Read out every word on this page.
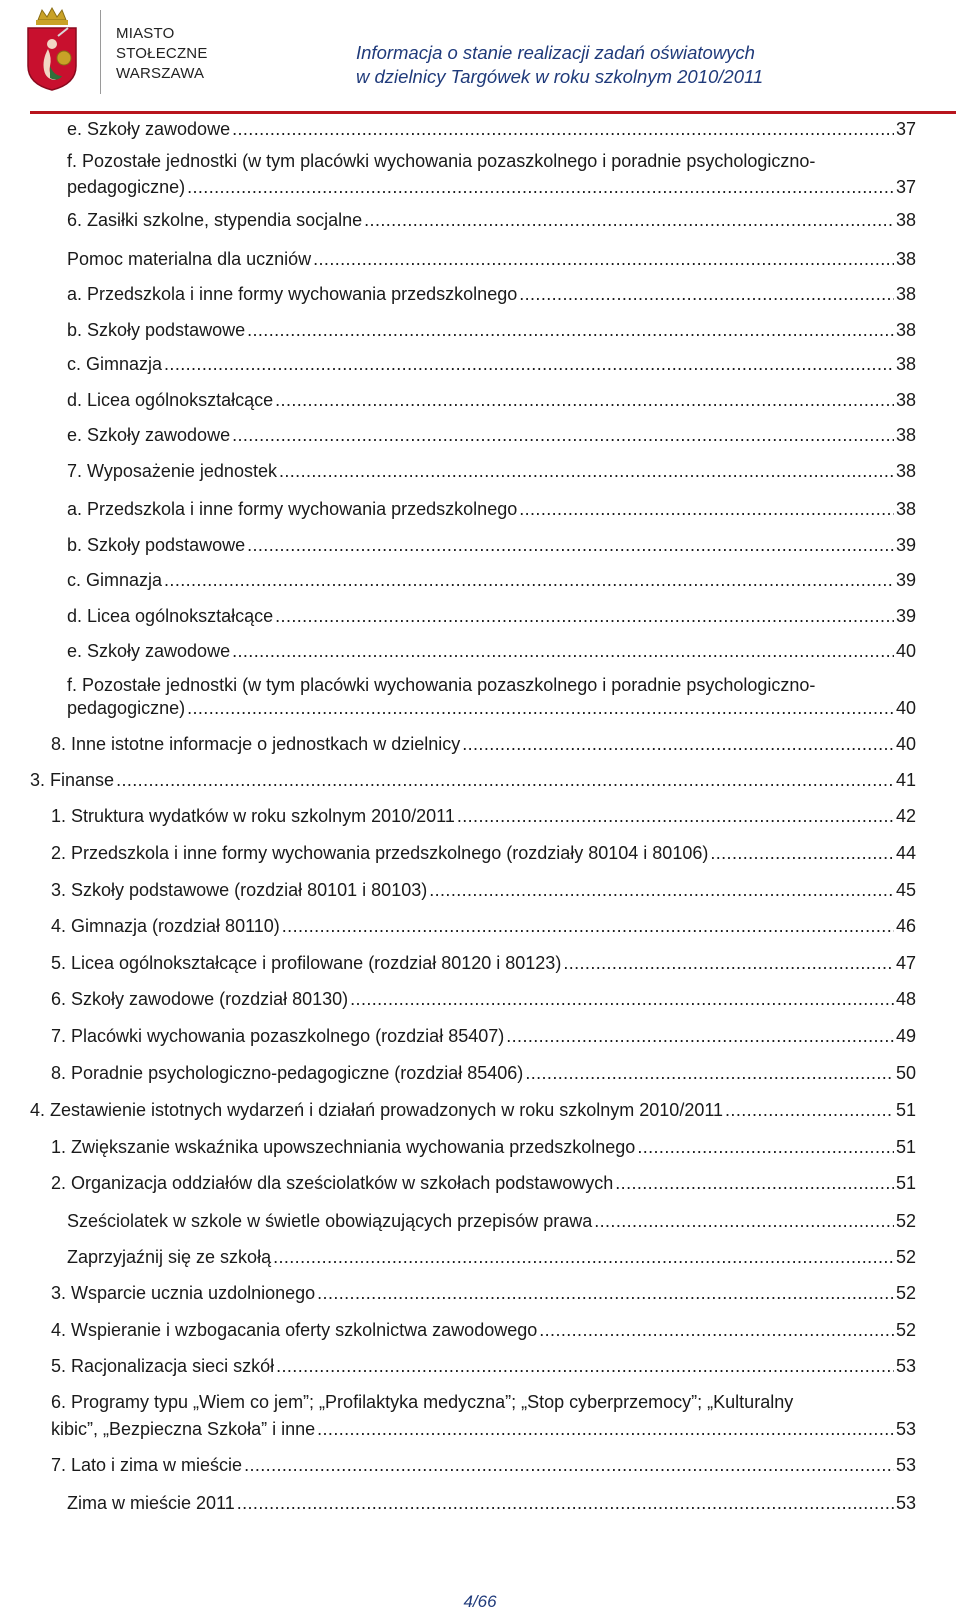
MIASTO
STOŁECZNE
WARSZAWA
Informacja o stanie realizacji zadań oświatowych
w dzielnicy Targówek w roku szkolnym 2010/2011
e. Szkoły zawodowe .....	37
f. Pozostałe jednostki (w tym placówki wychowania pozaszkolnego i poradnie psychologiczno-
pedagogiczne) .....	37
6. Zasiłki szkolne, stypendia socjalne .....	38
Pomoc materialna dla uczniów .....	38
a. Przedszkola i inne formy wychowania przedszkolnego .....	38
b. Szkoły podstawowe .....	38
c. Gimnazja .....	38
d. Licea ogólnokształcące .....	38
e. Szkoły zawodowe .....	38
7. Wyposażenie jednostek .....	38
a. Przedszkola i inne formy wychowania przedszkolnego .....	38
b. Szkoły podstawowe .....	39
c. Gimnazja .....	39
d. Licea ogólnokształcące .....	39
e. Szkoły zawodowe .....	40
f. Pozostałe jednostki (w tym placówki wychowania pozaszkolnego i poradnie psychologiczno-
pedagogiczne) .....	40
8. Inne istotne informacje o jednostkach w dzielnicy .....	40
3. Finanse .....	41
1. Struktura wydatków w roku szkolnym 2010/2011 .....	42
2. Przedszkola i inne formy wychowania przedszkolnego (rozdziały 80104 i 80106) .....	44
3. Szkoły podstawowe (rozdział 80101 i 80103) .....	45
4. Gimnazja (rozdział 80110) .....	46
5. Licea ogólnokształcące i profilowane (rozdział 80120 i 80123) .....	47
6. Szkoły zawodowe (rozdział 80130) .....	48
7. Placówki wychowania pozaszkolnego (rozdział 85407) .....	49
8. Poradnie psychologiczno-pedagogiczne (rozdział 85406) .....	50
4. Zestawienie istotnych wydarzeń i działań prowadzonych w roku szkolnym 2010/2011 .....	51
1. Zwiększanie wskaźnika upowszechniania wychowania przedszkolnego .....	51
2. Organizacja oddziałów dla sześciolatków w szkołach podstawowych .....	51
Sześciolatek w szkole w świetle obowiązujących przepisów prawa .....	52
Zaprzyjaźnij się ze szkołą .....	52
3. Wsparcie ucznia uzdolnionego .....	52
4. Wspieranie i wzbogacania oferty szkolnictwa zawodowego .....	52
5. Racjonalizacja sieci szkół .....	53
6. Programy typu „Wiem co jem”; „Profilaktyka medyczna”; „Stop cyberprzemocy”; „Kulturalny
kibic”, „Bezpieczna Szkoła” i inne .....	53
7. Lato i zima w mieście .....	53
Zima w mieście 2011 .....	53
4/66
